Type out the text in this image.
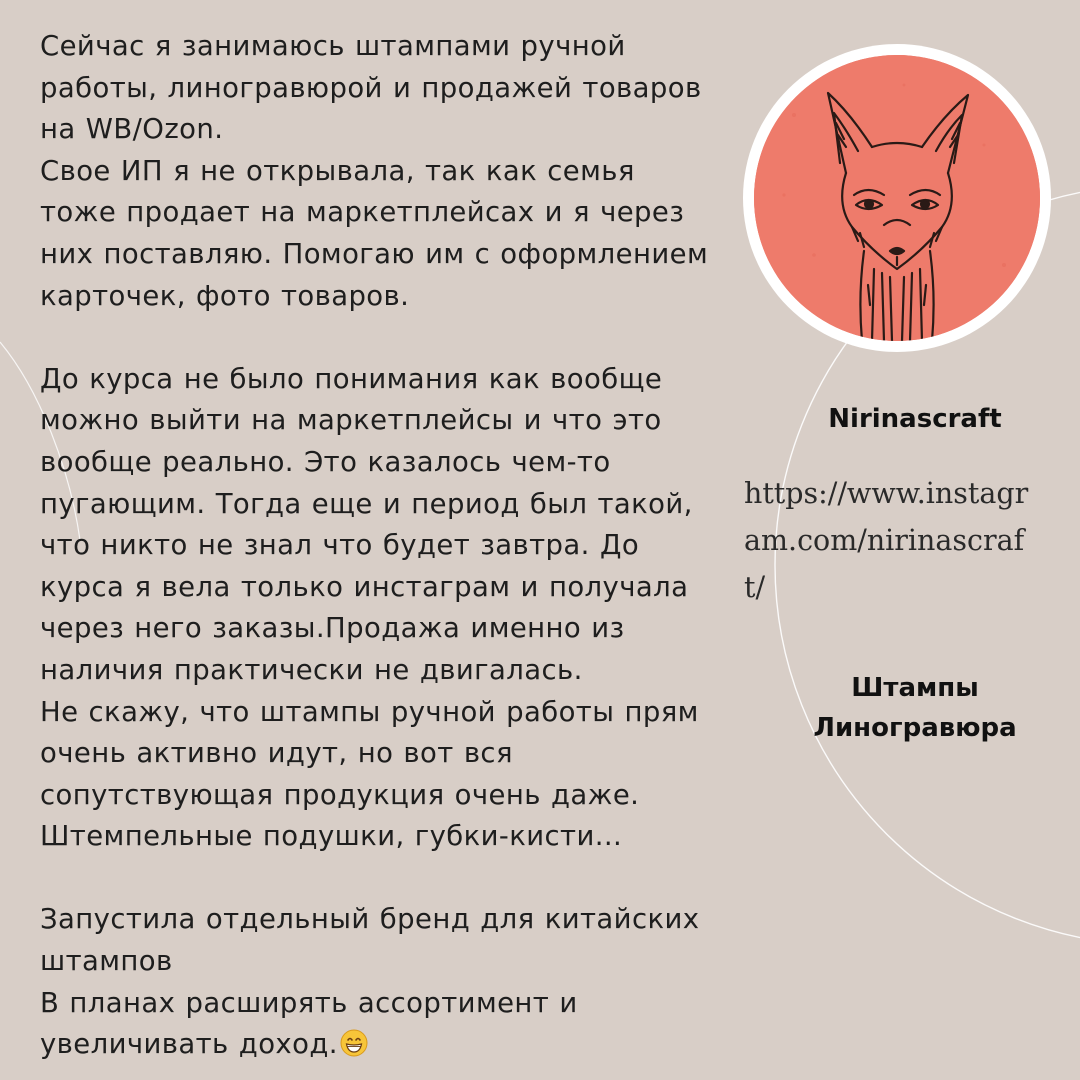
Сейчас я занимаюсь штампами ручной
работы, линогравюрой и продажей товаров
на WB/Ozon.
Свое ИП я не открывала, так как семья
тоже продает на маркетплейсах и я через
них поставляю. Помогаю им с оформлением
карточек, фото товаров.

До курса не было понимания как вообще
можно выйти на маркетплейсы и что это
вообще реально. Это казалось чем-то
пугающим. Тогда еще и период был такой,
что никто не знал что будет завтра. До
курса я вела только инстаграм и получала
через него заказы.Продажа именно из
наличия практически не двигалась.
Не скажу, что штампы ручной работы прям
очень активно идут, но вот вся
сопутствующая продукция очень даже.
Штемпельные подушки, губки-кисти...

Запустила отдельный бренд для китайских
штампов
В планах расширять ассортимент и
увеличивать доход.

Nirinascraft
https://www.instagram.com/nirinascraft/
Штампы
Линогравюра
